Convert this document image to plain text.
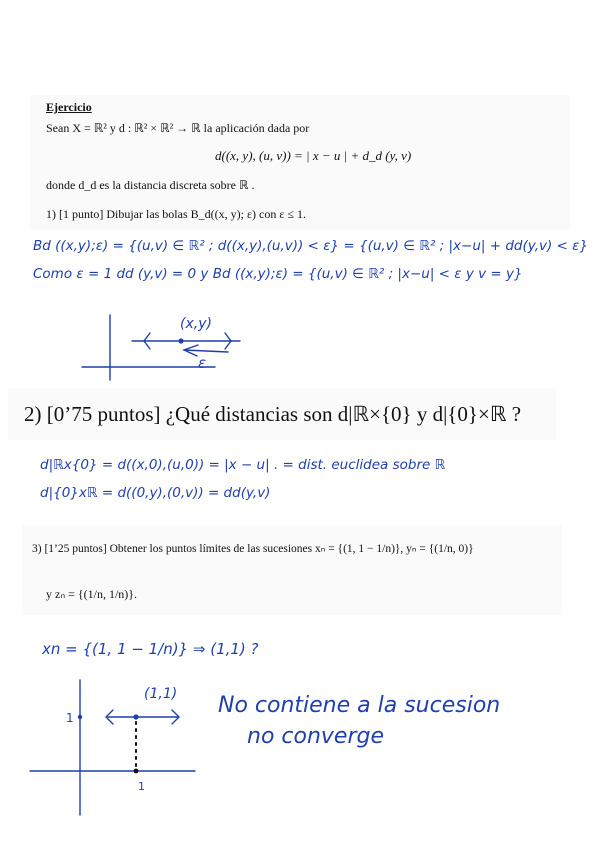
Ejercicio
Sean X = ℝ² y d : ℝ² × ℝ² → ℝ la aplicación dada por
d((x, y), (u, v)) = | x − u | + d_d (y, v)
donde d_d es la distancia discreta sobre ℝ .
1) [1 punto] Dibujar las bolas B_d((x, y); ε) con ε ≤ 1.
2) [0’75 puntos] ¿Qué distancias son d|ℝ×{0} y d|{0}×ℝ ?
3) [1’25 puntos] Obtener los puntos límites de las sucesiones xₙ = {(1, 1 − 1/n)}, yₙ = {(1/n, 0)}
y zₙ = {(1/n, 1/n)}.
Bd ((x,y);ε) = {(u,v) ∈ ℝ² ; d((x,y),(u,v)) < ε} = {(u,v) ∈ ℝ² ; |x−u| + dd(y,v) < ε}
Como ε = 1 dd (y,v) = 0 y Bd ((x,y);ε) = {(u,v) ∈ ℝ² ; |x−u| < ε y v = y}
d|ℝx{0} = d((x,0),(u,0)) = |x − u| . = dist. euclidea sobre ℝ
d|{0}xℝ = d((0,y),(0,v)) = dd(y,v)
xn = {(1, 1 − 1/n)} ⇒ (1,1) ?
No contiene a la sucesion
no converge
(x,y)
ε
(1,1)
1
1
